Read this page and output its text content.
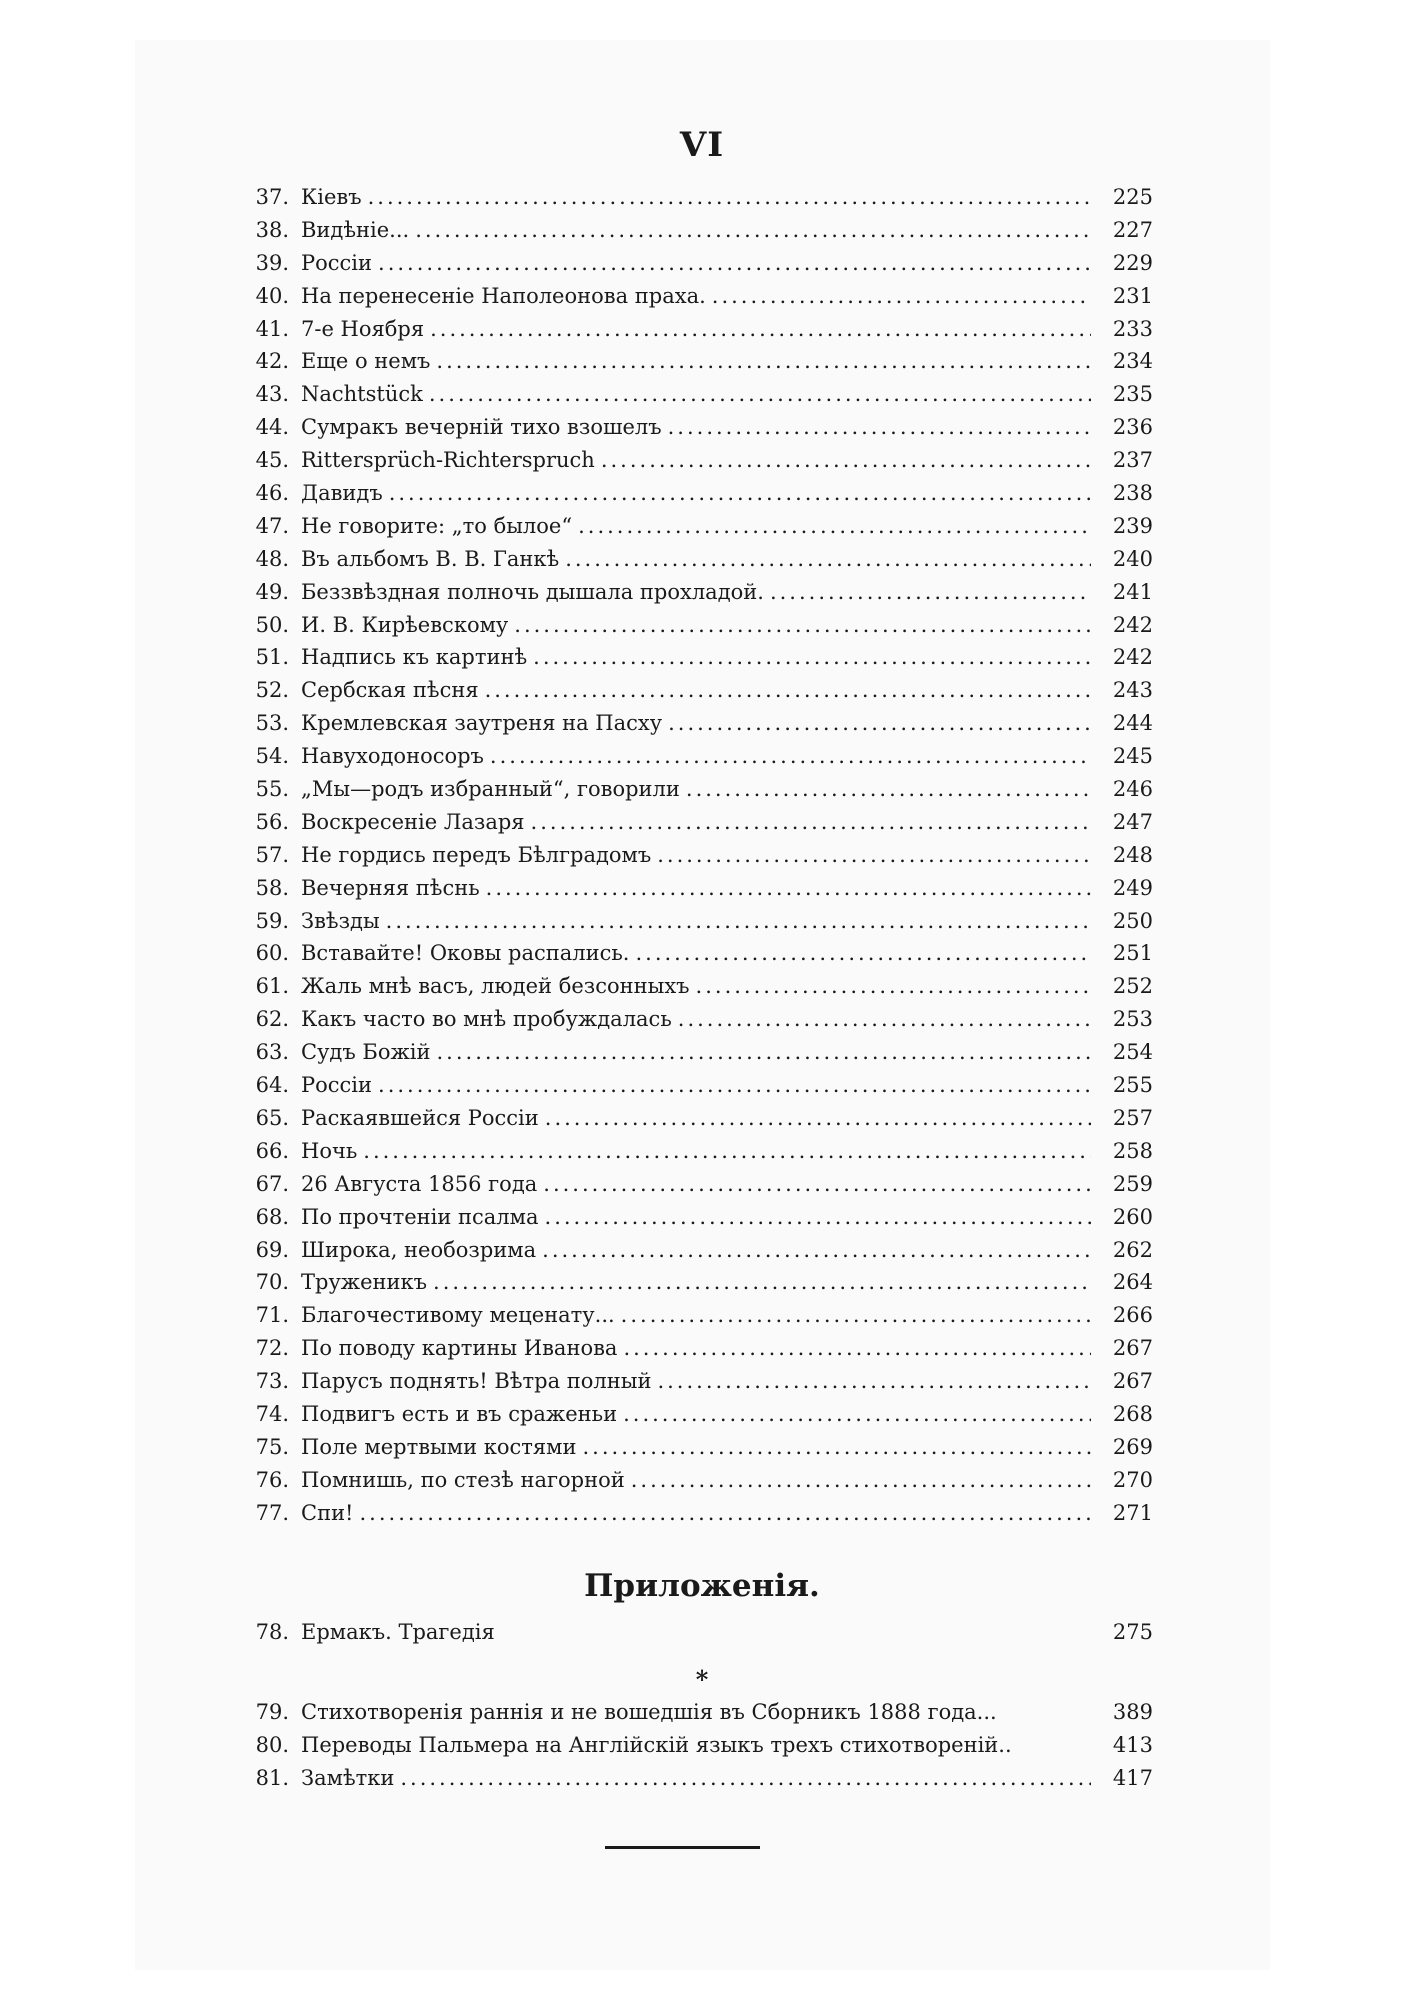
VI
37. Кіевъ .....	225
38. Видѣніе... .....	227
39. Россіи .....	229
40. На перенесеніе Наполеонова праха. .....	231
41. 7-е Ноября .....	233
42. Еще о немъ .....	234
43. Nachtstück .....	235
44. Сумракъ вечерній тихо взошелъ .....	236
45. Rittersprüch-Richterspruch .....	237
46. Давидъ .....	238
47. Не говорите: „то былое“ .....	239
48. Въ альбомъ В. В. Ганкѣ .....	240
49. Беззвѣздная полночь дышала прохладой. .....	241
50. И. В. Кирѣевскому .....	242
51. Надпись къ картинѣ .....	242
52. Сербская пѣсня .....	243
53. Кремлевская заутреня на Пасху .....	244
54. Навуходоносоръ .....	245
55. „Мы—родъ избранный“, говорили .....	246
56. Воскресеніе Лазаря .....	247
57. Не гордись передъ Бѣлградомъ .....	248
58. Вечерняя пѣснь .....	249
59. Звѣзды .....	250
60. Вставайте! Оковы распались. .....	251
61. Жаль мнѣ васъ, людей безсонныхъ .....	252
62. Какъ часто во мнѣ пробуждалась .....	253
63. Судъ Божій .....	254
64. Россіи .....	255
65. Раскаявшейся Россіи .....	257
66. Ночь .....	258
67. 26 Августа 1856 года .....	259
68. По прочтеніи псалма .....	260
69. Широка, необозрима .....	262
70. Труженикъ .....	264
71. Благочестивому меценату... .....	266
72. По поводу картины Иванова .....	267
73. Парусъ поднять! Вѣтра полный .....	267
74. Подвигъ есть и въ сраженьи .....	268
75. Поле мертвыми костями .....	269
76. Помнишь, по стезѣ нагорной .....	270
77. Спи! .....	271
Приложенія.
78. Ермакъ. Трагедія	275
*
79. Стихотворенія раннія и не вошедшія въ Сборникъ 1888 года...	389
80. Переводы Пальмера на Англійскій языкъ трехъ стихотвореній..	413
81. Замѣтки .....	417
